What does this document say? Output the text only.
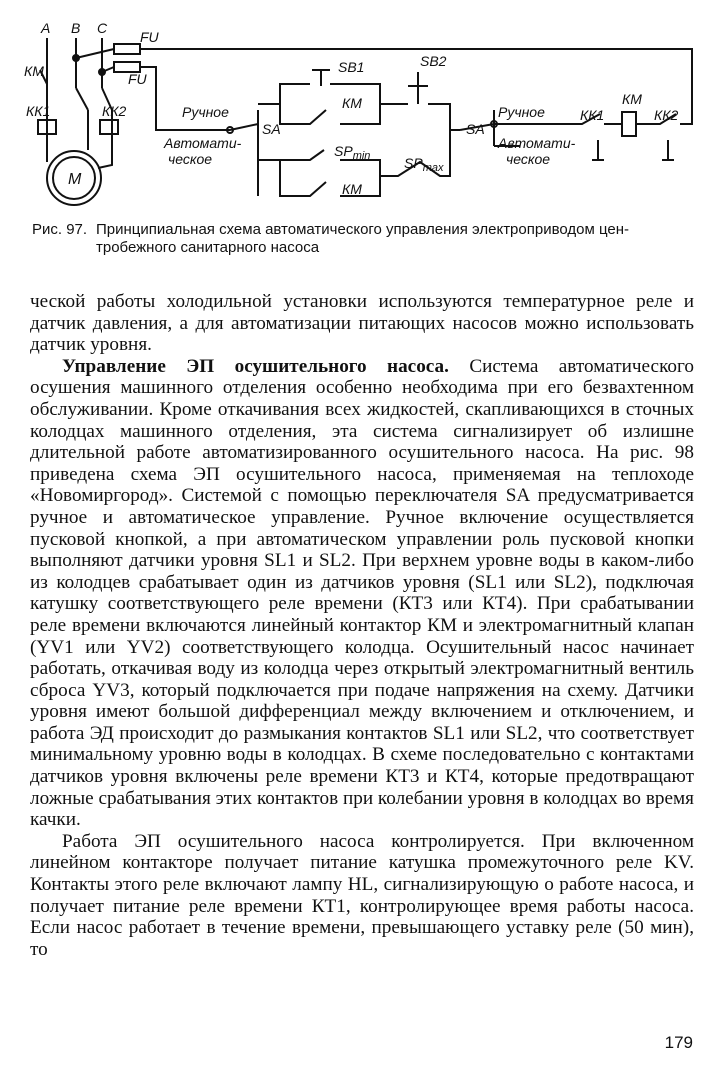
A B C
FU
FU
КМ
КК1	КК2
М
Ручное
Автомати-
ческое
SA
SB1	SB2
КМ
КМ
$SP_{min}$ $SP_{max}$
SA
Ручное
Автомати-
ческое
КК1
КМ
КК2
Рис. 97. Принципиальная схема автоматического управления электроприводом цен-
тробежного санитарного насоса

ческой работы холодильной установки используются температурное реле и датчик давления, а для автоматизации питающих насосов можно использовать датчик уровня.

Управление ЭП осушительного насоса. Система автоматического осушения машинного отделения особенно необходима при его безвахтенном обслуживании. Кроме откачивания всех жидкостей, скапливающихся в сточных колодцах машинного отделения, эта система сигнализирует об излишне длительной работе автоматизированного осушительного насоса. На рис. 98 приведена схема ЭП осушительного насоса, применяемая на теплоходе «Новомиргород». Системой с помощью переключателя SA предусматривается ручное и автоматическое управление. Ручное включение осуществляется пусковой кнопкой, а при автоматическом управлении роль пусковой кнопки выполняют датчики уровня SL1 и SL2. При верхнем уровне воды в каком-либо из колодцев срабатывает один из датчиков уровня (SL1 или SL2), подключая катушку соответствующего реле времени (КТ3 или КТ4). При срабатывании реле времени включаются линейный контактор КМ и электромагнитный клапан (YV1 или YV2) соответствующего колодца. Осушительный насос начинает работать, откачивая воду из колодца через открытый электромагнитный вентиль сброса YV3, который подключается при подаче напряжения на схему. Датчики уровня имеют большой дифференциал между включением и отключением, и работа ЭД происходит до размыкания контактов SL1 или SL2, что соответствует минимальному уровню воды в колодцах. В схеме последовательно с контактами датчиков уровня включены реле времени КТ3 и КТ4, которые предотвращают ложные срабатывания этих контактов при колебании уровня в колодцах во время качки.

Работа ЭП осушительного насоса контролируется. При включенном линейном контакторе получает питание катушка промежуточного реле KV. Контакты этого реле включают лампу HL, сигнализирующую о работе насоса, и получает питание реле времени КТ1, контролирующее время работы насоса. Если насос работает в течение времени, превышающего уставку реле (50 мин), то

179
